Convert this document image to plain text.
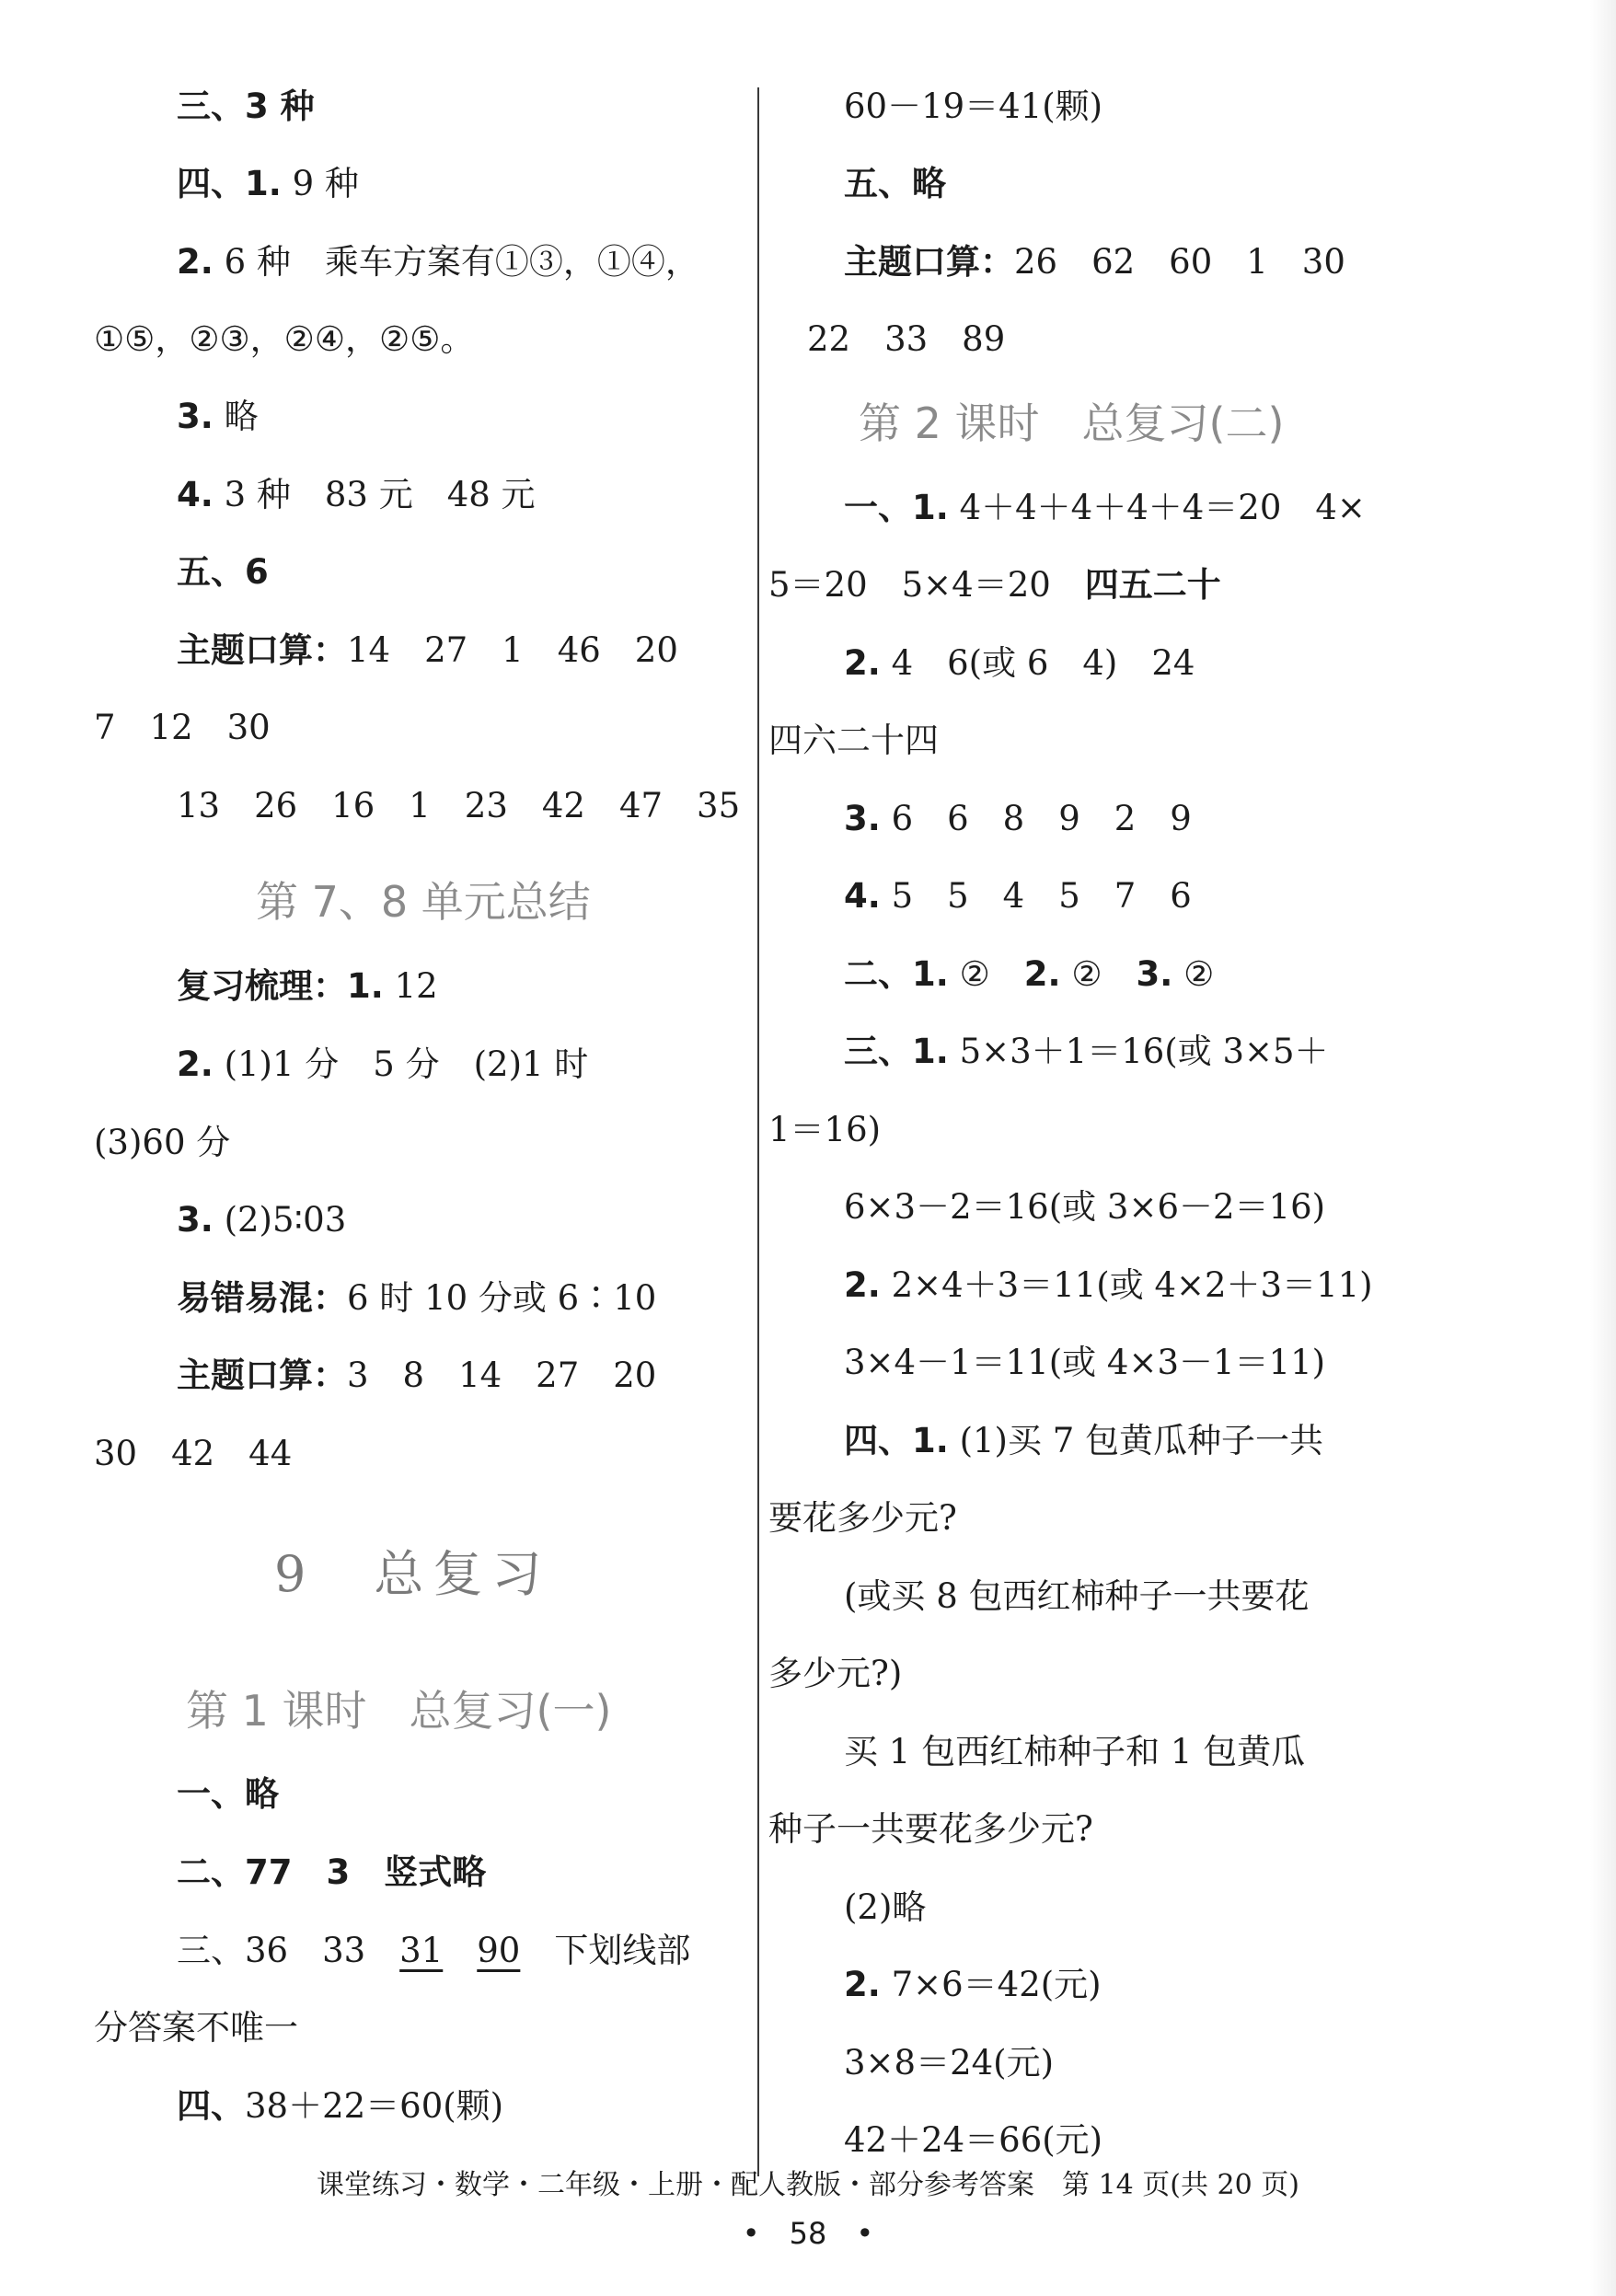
三、3 种
四、1. 9 种
2. 6 种　乘车方案有①③，①④，
①⑤，②③，②④，②⑤。
3. 略
4. 3 种　83 元　48 元
五、6
主题口算：14　27　1　46　20
7　12　30
13　26　16　1　23　42　47　35
第 7、8 单元总结
复习梳理：1. 12
2. (1)1 分　5 分　(2)1 时
(3)60 分
3. (2)5∶03
易错易混：6 时 10 分或 6∶10
主题口算：3　8　14　27　20
30　42　44
9　总复习
第 1 课时　总复习(一)
一、略
二、77　3　竖式略
三、36　33　31　 90　下划线部
分答案不唯一
四、38＋22＝60(颗)
60－19＝41(颗)
五、略
主题口算：26　62　60　1　30
22　33　89
第 2 课时　总复习(二)
一、1. 4＋4＋4＋4＋4＝20　4×
5＝20　5×4＝20　四五二十
2. 4　6(或 6　4)　24
四六二十四
3. 6　6　8　9　2　9
4. 5　5　4　5　7　6
二、1. ②　2. ②　3. ②
三、1. 5×3＋1＝16(或 3×5＋
1＝16)
6×3－2＝16(或 3×6－2＝16)
2. 2×4＋3＝11(或 4×2＋3＝11)
3×4－1＝11(或 4×3－1＝11)
四、1. (1)买 7 包黄瓜种子一共
要花多少元?
(或买 8 包西红柿种子一共要花
多少元?)
买 1 包西红柿种子和 1 包黄瓜
种子一共要花多少元?
(2)略
2. 7×6＝42(元)
3×8＝24(元)
42＋24＝66(元)
课堂练习・数学・二年级・上册・配人教版・部分参考答案　第 14 页(共 20 页)
•　58　•
